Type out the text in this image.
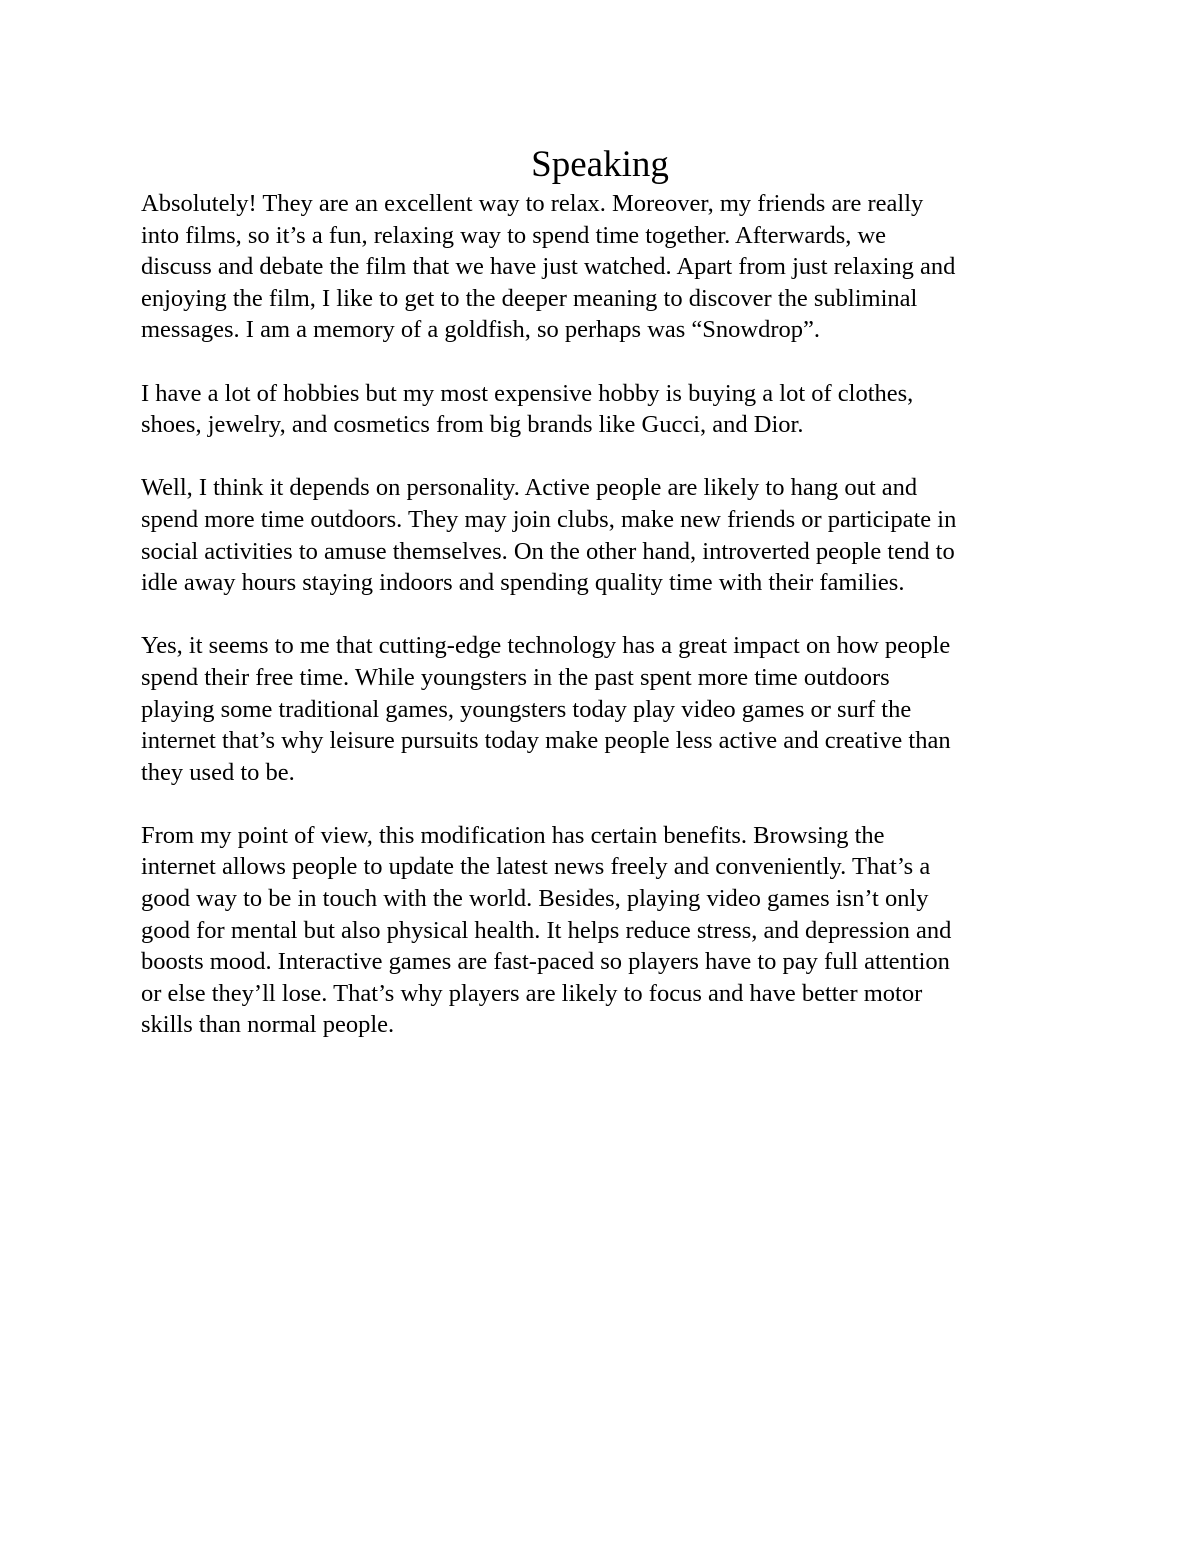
Speaking

Absolutely! They are an excellent way to relax. Moreover, my friends are really
into films, so it’s a fun, relaxing way to spend time together. Afterwards, we
discuss and debate the film that we have just watched. Apart from just relaxing and
enjoying the film, I like to get to the deeper meaning to discover the subliminal
messages. I am a memory of a goldfish, so perhaps was “Snowdrop”.

I have a lot of hobbies but my most expensive hobby is buying a lot of clothes,
shoes, jewelry, and cosmetics from big brands like Gucci, and Dior.

Well, I think it depends on personality. Active people are likely to hang out and
spend more time outdoors. They may join clubs, make new friends or participate in
social activities to amuse themselves. On the other hand, introverted people tend to
idle away hours staying indoors and spending quality time with their families.

Yes, it seems to me that cutting-edge technology has a great impact on how people
spend their free time. While youngsters in the past spent more time outdoors
playing some traditional games, youngsters today play video games or surf the
internet that’s why leisure pursuits today make people less active and creative than
they used to be.

From my point of view, this modification has certain benefits. Browsing the
internet allows people to update the latest news freely and conveniently. That’s a
good way to be in touch with the world. Besides, playing video games isn’t only
good for mental but also physical health. It helps reduce stress, and depression and
boosts mood. Interactive games are fast-paced so players have to pay full attention
or else they’ll lose. That’s why players are likely to focus and have better motor
skills than normal people.
